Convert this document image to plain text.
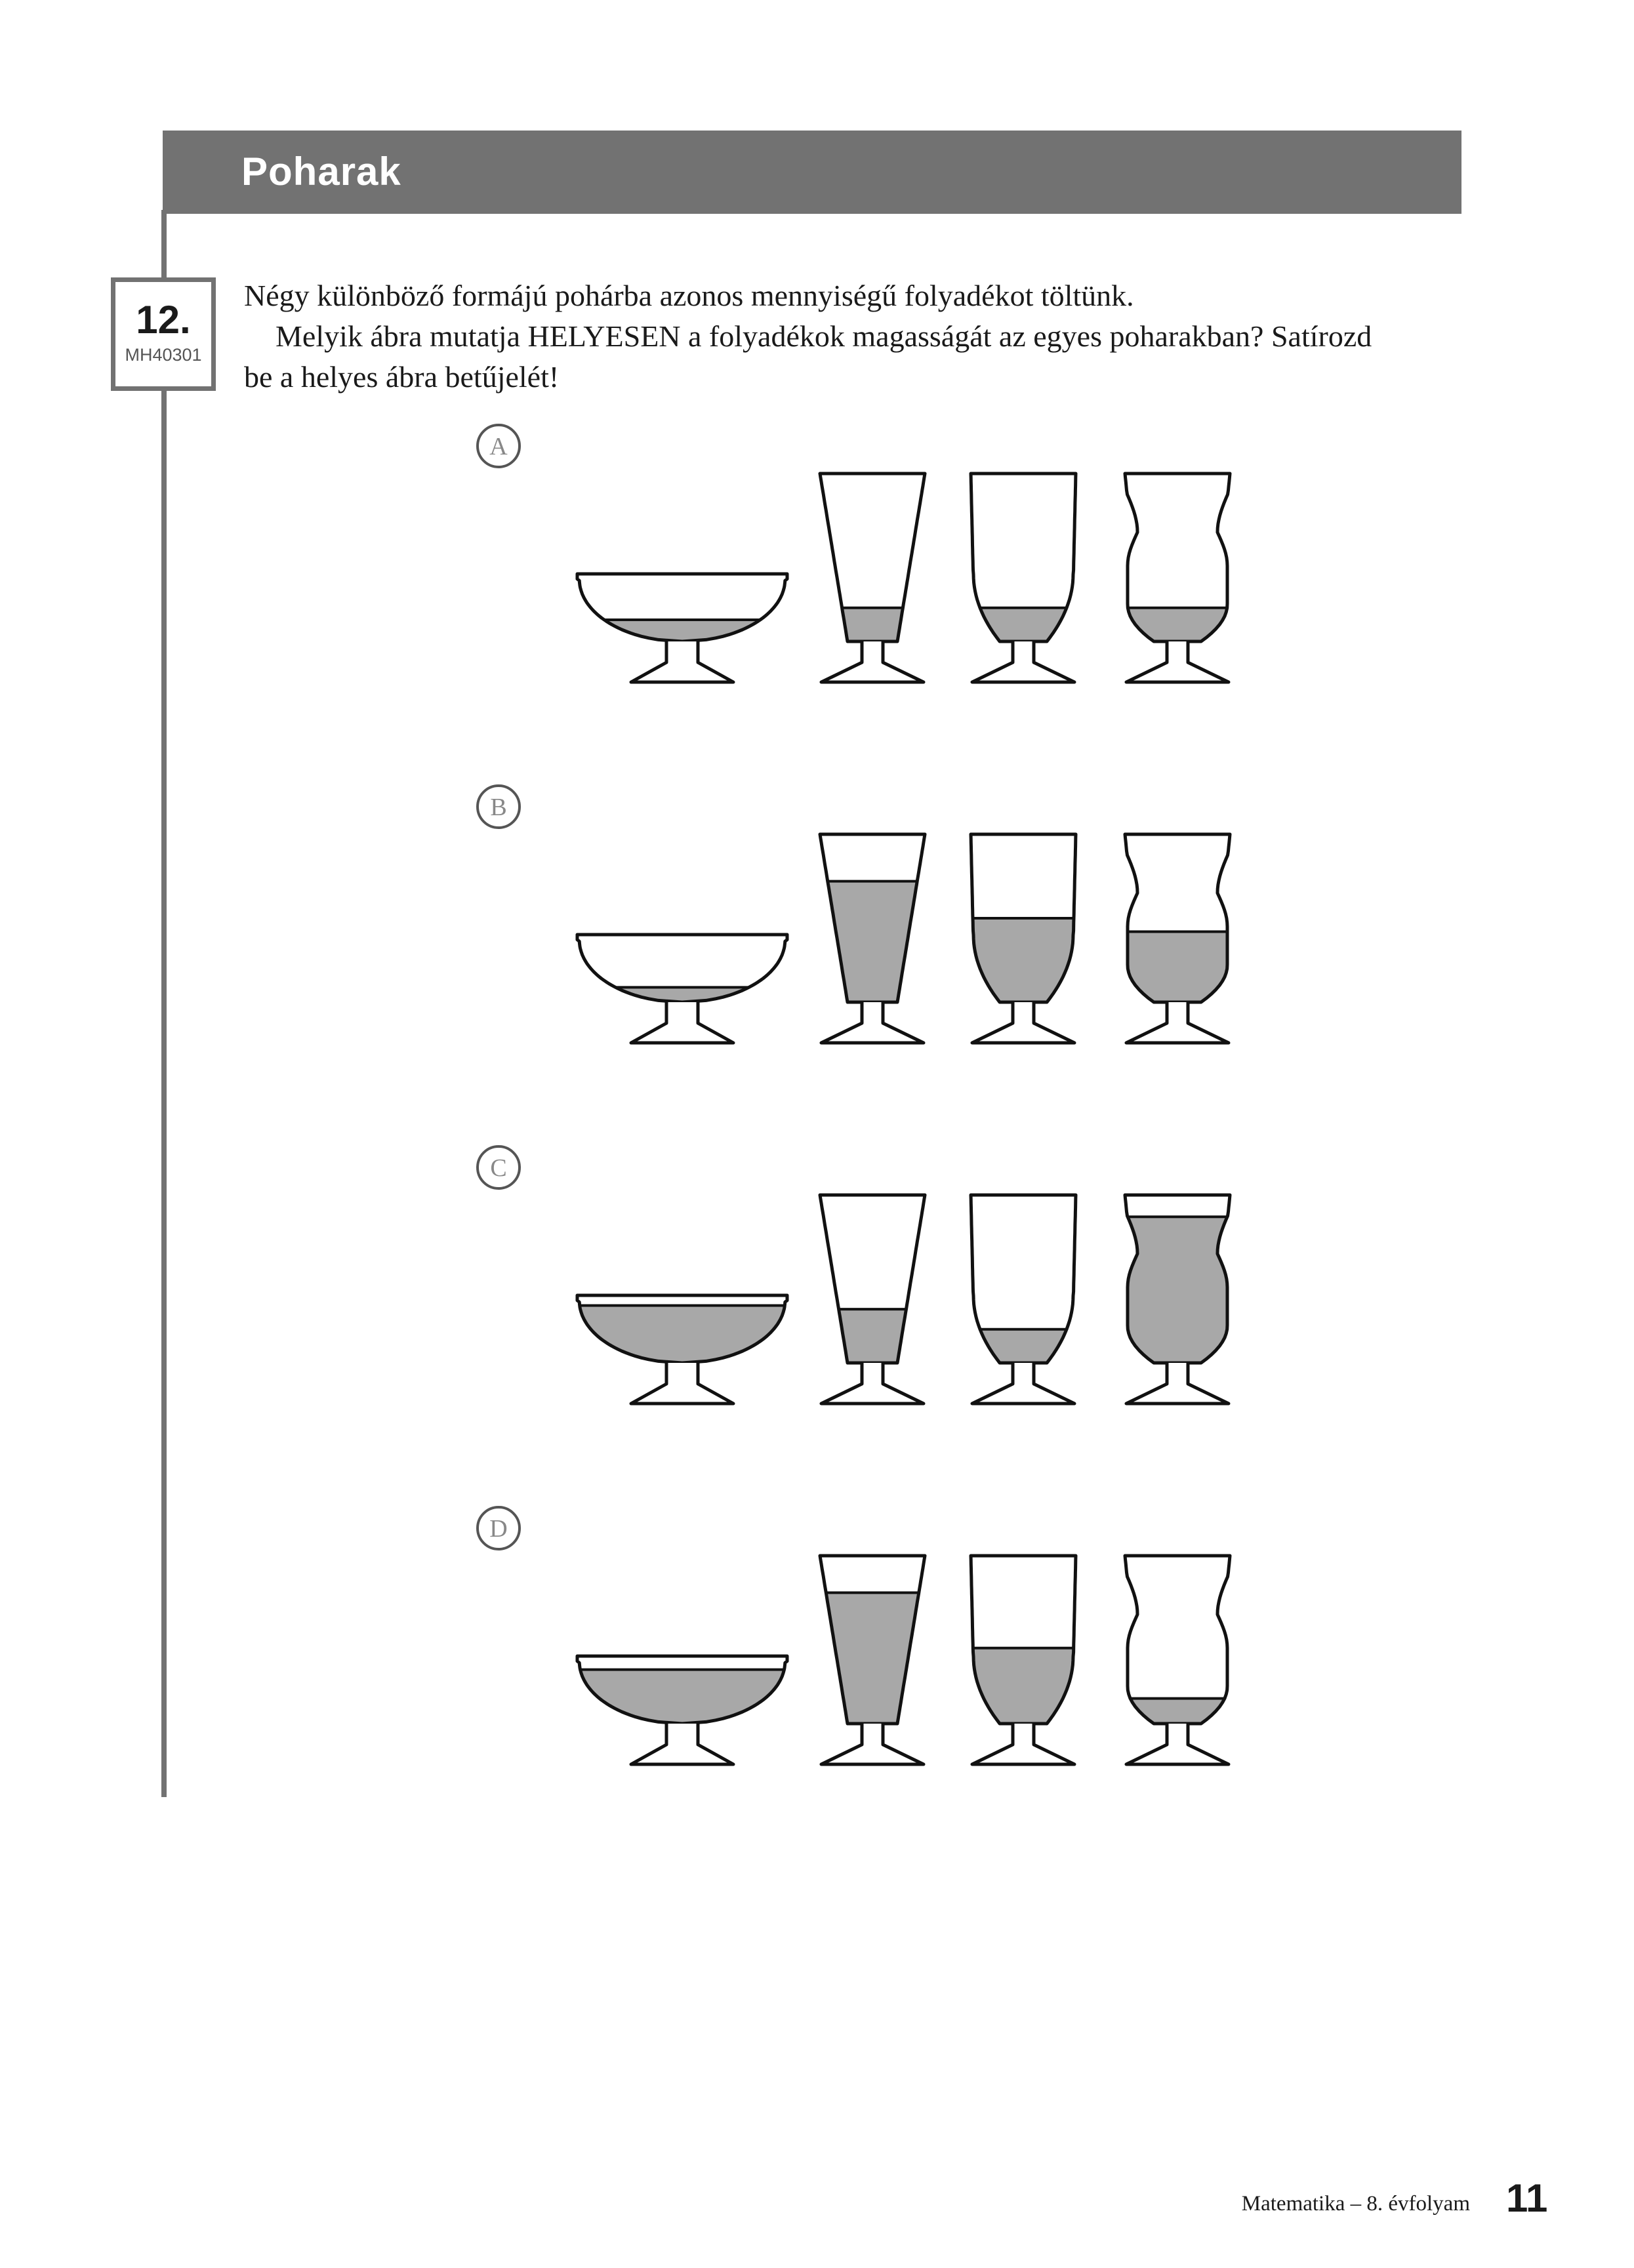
Poharak
12.
MH40301
Négy különböző formájú pohárba azonos mennyiségű folyadékot töltünk.
Melyik ábra mutatja HELYESEN a folyadékok magasságát az egyes poharakban? Satírozd
be a helyes ábra betűjelét!
A
B
C
D
Matematika – 8. évfolyam 11
